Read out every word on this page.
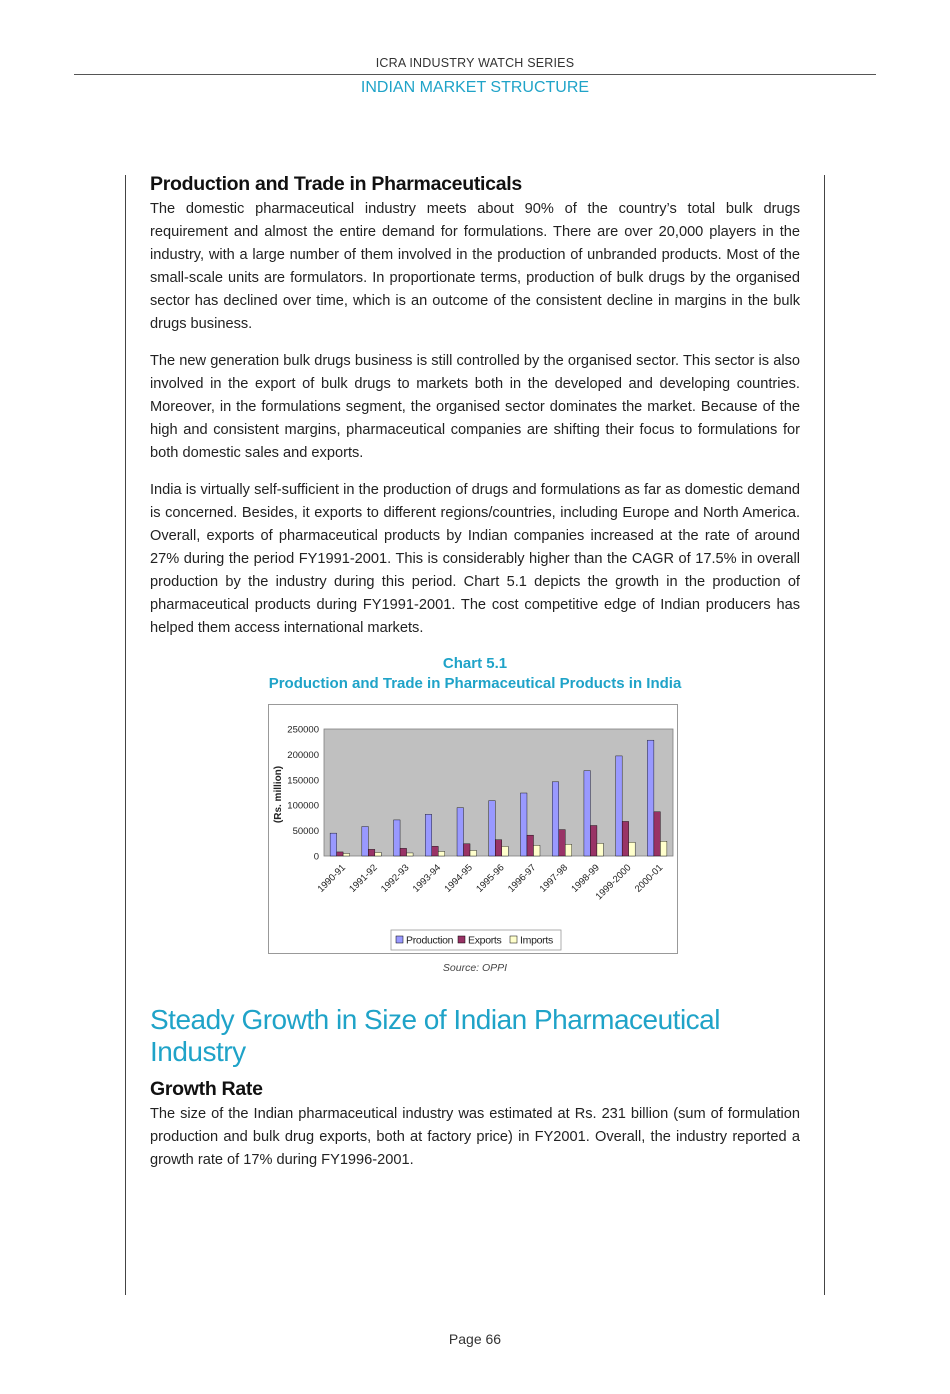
ICRA INDUSTRY WATCH SERIES
INDIAN MARKET STRUCTURE
Production and Trade in Pharmaceuticals

The domestic pharmaceutical industry meets about 90% of the country’s total bulk drugs requirement and almost the entire demand for formulations. There are over 20,000 players in the industry, with a large number of them involved in the production of unbranded products. Most of the small-scale units are formulators. In proportionate terms, production of bulk drugs by the organised sector has declined over time, which is an outcome of the consistent decline in margins in the bulk drugs business.

The new generation bulk drugs business is still controlled by the organised sector. This sector is also involved in the export of bulk drugs to markets both in the developed and developing countries. Moreover, in the formulations segment, the organised sector dominates the market. Because of the high and consistent margins, pharmaceutical companies are shifting their focus to formulations for both domestic sales and exports.

India is virtually self-sufficient in the production of drugs and formulations as far as domestic demand is concerned. Besides, it exports to different regions/countries, including Europe and North America. Overall, exports of pharmaceutical products by Indian companies increased at the rate of around 27% during the period FY1991-2001. This is considerably higher than the CAGR of 17.5% in overall production by the industry during this period. Chart 5.1 depicts the growth in the production of pharmaceutical products during FY1991-2001. The cost competitive edge of Indian producers has helped them access international markets.

Chart 5.1
Production and Trade in Pharmaceutical Products in India
250000
200000
150000
100000
50000
0
(Rs. million)
1990-91 1991-92 1992-93 1993-94 1994-95 1995-96 1996-97 1997-98 1998-99
1999-2000 2000-01
Production Exports Imports
Source: OPPI
Steady Growth in Size of Indian Pharmaceutical Industry
Growth Rate

The size of the Indian pharmaceutical industry was estimated at Rs. 231 billion (sum of formulation production and bulk drug exports, both at factory price) in FY2001. Overall, the industry reported a growth rate of 17% during FY1996-2001.

Page 66
